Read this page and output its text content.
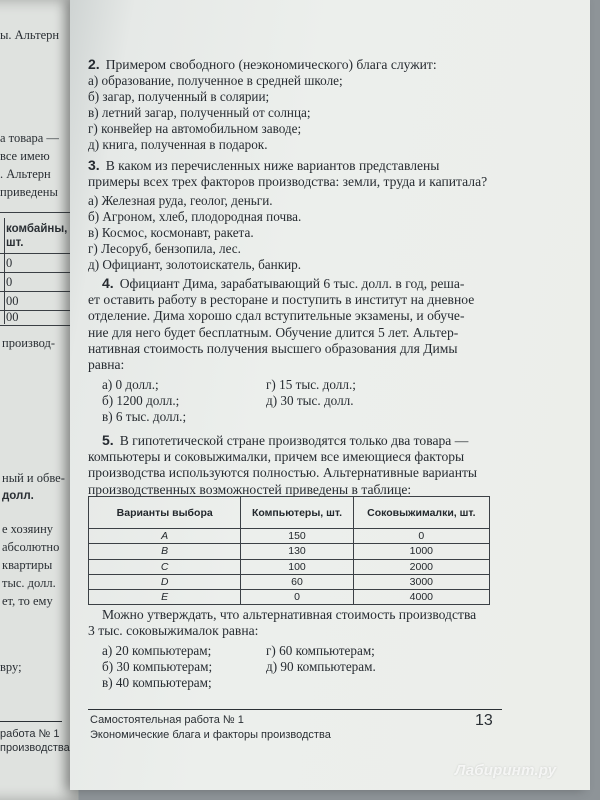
ы. Альтерн
а товара —
все имею
. Альтерн
приведены
комбайны,
шт.
0
0
00
00
производ-
ный и обве-
долл.
е хозяину
абсолютно
квартиры
тыс. долл.
ет, то ему
вру;
работа № 1
производства
2. Примером свободного (неэкономического) блага служит:
а) образование, полученное в средней школе;
б) загар, полученный в солярии;
в) летний загар, полученный от солнца;
г) конвейер на автомобильном заводе;
д) книга, полученная в подарок.
3. В каком из перечисленных ниже вариантов представлены
примеры всех трех факторов производства: земли, труда и капитала?
а) Железная руда, геолог, деньги.
б) Агроном, хлеб, плодородная почва.
в) Космос, космонавт, ракета.
г) Лесоруб, бензопила, лес.
д) Официант, золотоискатель, банкир.
4. Официант Дима, зарабатывающий 6 тыс. долл. в год, реша-
ет оставить работу в ресторане и поступить в институт на дневное
отделение. Дима хорошо сдал вступительные экзамены, и обуче-
ние для него будет бесплатным. Обучение длится 5 лет. Альтер-
нативная стоимость получения высшего образования для Димы
равна:
а) 0 долл.;
б) 1200 долл.;
в) 6 тыс. долл.;
г) 15 тыс. долл.;
д) 30 тыс. долл.
5. В гипотетической стране производятся только два товара —
компьютеры и соковыжималки, причем все имеющиеся факторы
производства используются полностью. Альтернативные варианты
производственных возможностей приведены в таблице:
Варианты выбора	Компьютеры, шт.	Соковыжималки, шт.
A	150	0
B	130	1000
C	100	2000
D	60	3000
E	0	4000
Можно утверждать, что альтернативная стоимость производства
3 тыс. соковыжималок равна:
а) 20 компьютерам;
б) 30 компьютерам;
в) 40 компьютерам;
г) 60 компьютерам;
д) 90 компьютерам.
Самостоятельная работа № 1
Экономические блага и факторы производства
13
Лабиринт.ру
